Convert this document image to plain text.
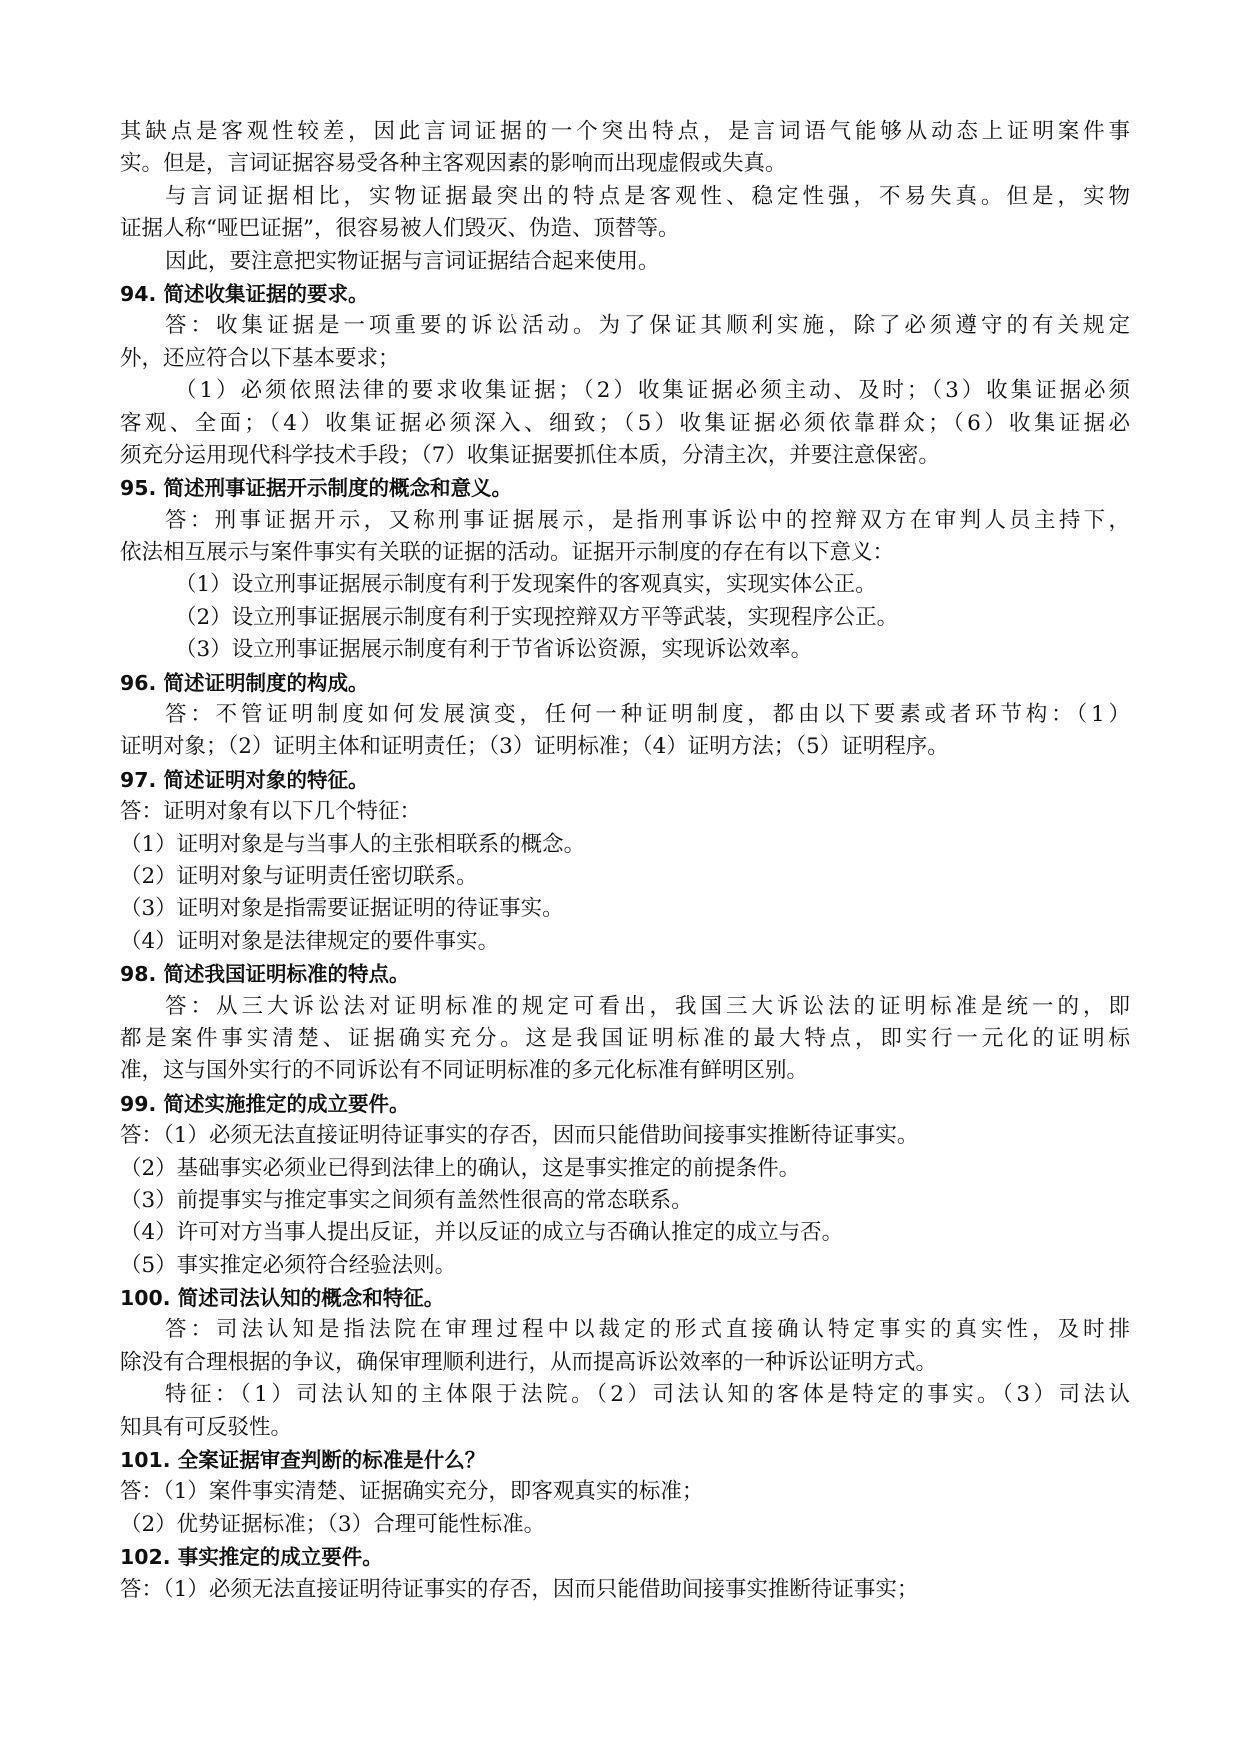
其缺点是客观性较差，因此言词证据的一个突出特点，是言词语气能够从动态上证明案件事
实。但是，言词证据容易受各种主客观因素的影响而出现虚假或失真。
与言词证据相比，实物证据最突出的特点是客观性、稳定性强，不易失真。但是，实物
证据人称“哑巴证据”，很容易被人们毁灭、伪造、顶替等。
因此，要注意把实物证据与言词证据结合起来使用。
94. 简述收集证据的要求。
答：收集证据是一项重要的诉讼活动。为了保证其顺利实施，除了必须遵守的有关规定
外，还应符合以下基本要求；
（1）必须依照法律的要求收集证据；（2）收集证据必须主动、及时；（3）收集证据必须
客观、全面；（4）收集证据必须深入、细致；（5）收集证据必须依靠群众；（6）收集证据必
须充分运用现代科学技术手段；（7）收集证据要抓住本质，分清主次，并要注意保密。
95. 简述刑事证据开示制度的概念和意义。
答：刑事证据开示，又称刑事证据展示，是指刑事诉讼中的控辩双方在审判人员主持下，
依法相互展示与案件事实有关联的证据的活动。证据开示制度的存在有以下意义：
（1）设立刑事证据展示制度有利于发现案件的客观真实，实现实体公正。
（2）设立刑事证据展示制度有利于实现控辩双方平等武装，实现程序公正。
（3）设立刑事证据展示制度有利于节省诉讼资源，实现诉讼效率。
96. 简述证明制度的构成。
答：不管证明制度如何发展演变，任何一种证明制度，都由以下要素或者环节构：（1）
证明对象；（2）证明主体和证明责任；（3）证明标准；（4）证明方法；（5）证明程序。
97. 简述证明对象的特征。
答：证明对象有以下几个特征：
（1）证明对象是与当事人的主张相联系的概念。
（2）证明对象与证明责任密切联系。
（3）证明对象是指需要证据证明的待证事实。
（4）证明对象是法律规定的要件事实。
98. 简述我国证明标准的特点。
答：从三大诉讼法对证明标准的规定可看出，我国三大诉讼法的证明标准是统一的，即
都是案件事实清楚、证据确实充分。这是我国证明标准的最大特点，即实行一元化的证明标
准，这与国外实行的不同诉讼有不同证明标准的多元化标准有鲜明区别。
99. 简述实施推定的成立要件。
答：（1）必须无法直接证明待证事实的存否，因而只能借助间接事实推断待证事实。
（2）基础事实必须业已得到法律上的确认，这是事实推定的前提条件。
（3）前提事实与推定事实之间须有盖然性很高的常态联系。
（4）许可对方当事人提出反证，并以反证的成立与否确认推定的成立与否。
（5）事实推定必须符合经验法则。
100. 简述司法认知的概念和特征。
答：司法认知是指法院在审理过程中以裁定的形式直接确认特定事实的真实性，及时排
除没有合理根据的争议，确保审理顺利进行，从而提高诉讼效率的一种诉讼证明方式。
特征：（1）司法认知的主体限于法院。（2）司法认知的客体是特定的事实。（3）司法认
知具有可反驳性。
101. 全案证据审查判断的标准是什么？
答：（1）案件事实清楚、证据确实充分，即客观真实的标准；
（2）优势证据标准；（3）合理可能性标准。
102. 事实推定的成立要件。
答：（1）必须无法直接证明待证事实的存否，因而只能借助间接事实推断待证事实；
